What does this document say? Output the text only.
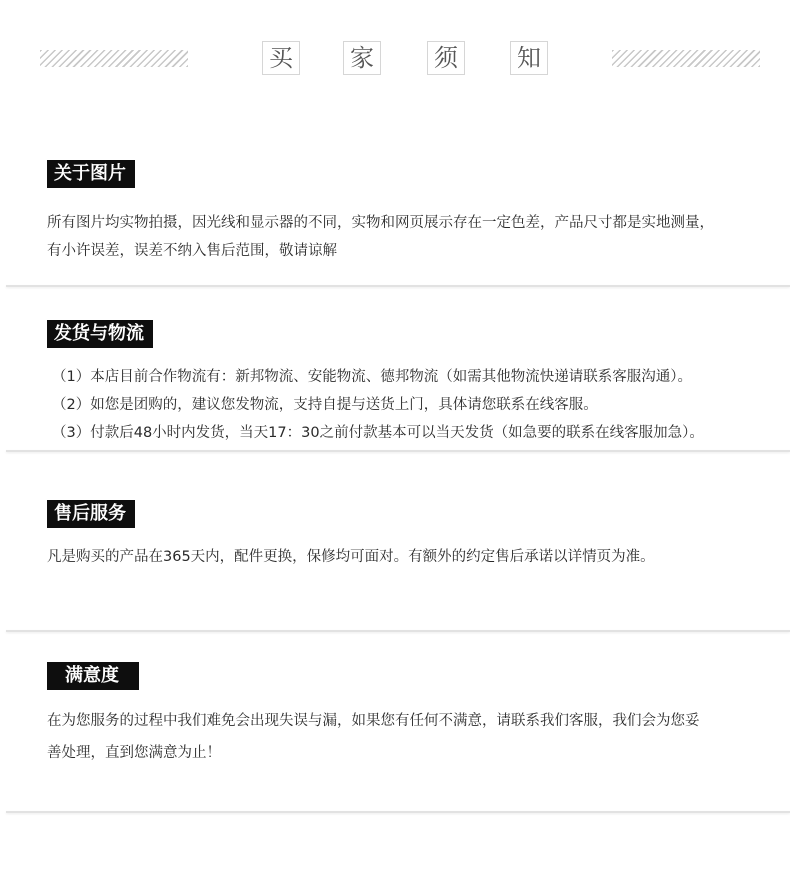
买 家	须 知
关于图片
所有图片均实物拍摄，因光线和显示器的不同，实物和网页展示存在一定色差，产品尺寸都是实地测量，
有小许误差，误差不纳入售后范围，敬请谅解
发货与物流
（1）本店目前合作物流有：新邦物流、安能物流、德邦物流（如需其他物流快递请联系客服沟通）。
（2）如您是团购的，建议您发物流，支持自提与送货上门，具体请您联系在线客服。
（3）付款后48小时内发货，当天17：30之前付款基本可以当天发货（如急要的联系在线客服加急）。
售后服务
凡是购买的产品在365天内，配件更换，保修均可面对。有额外的约定售后承诺以详情页为准。
满意度
在为您服务的过程中我们难免会出现失误与漏，如果您有任何不满意，请联系我们客服，我们会为您妥
善处理，直到您满意为止！
